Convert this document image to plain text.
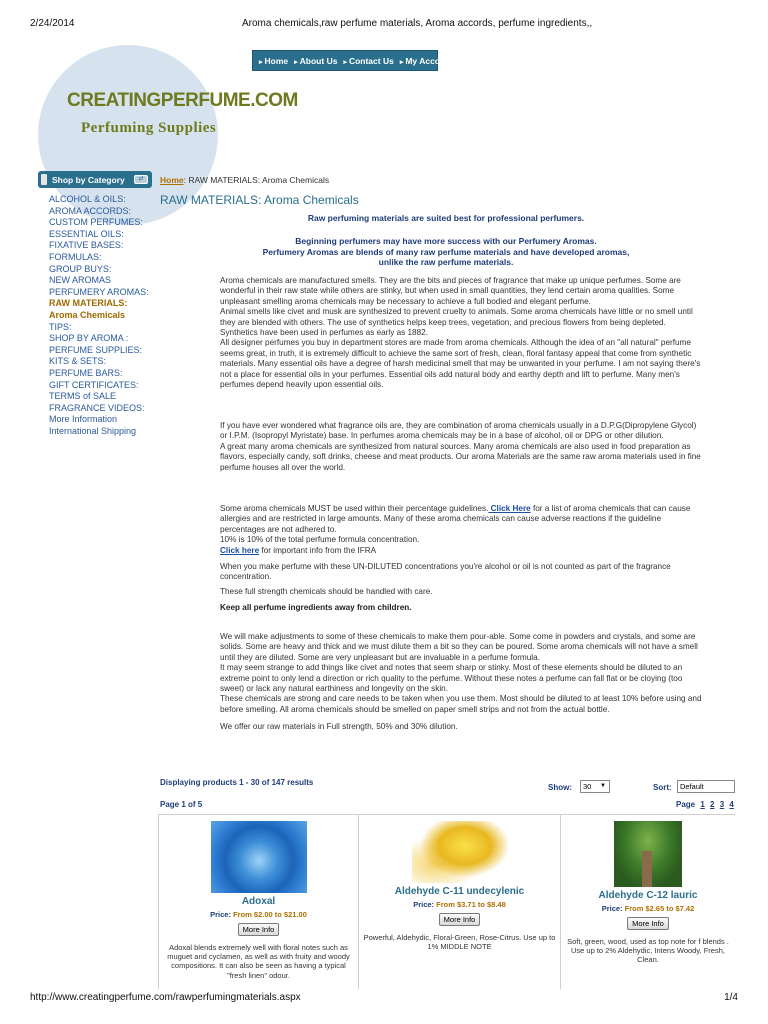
2/24/2014	Aroma chemicals,raw perfume materials, Aroma accords, perfume ingredients,,
CREATINGPERFUME.COM
Perfuming Supplies
▸ Home	▸ About Us	▸ Contact Us	▸ My Account
Shop by Category	⇄
ALCOHOL & OILS:
AROMA ACCORDS:
CUSTOM PERFUMES:
ESSENTIAL OILS:
FIXATIVE BASES:
FORMULAS:
GROUP BUYS:
NEW AROMAS
PERFUMERY AROMAS:
RAW MATERIALS:
Aroma Chemicals
TIPS:
SHOP BY AROMA :
PERFUME SUPPLIES:
KITS & SETS:
PERFUME BARS:
GIFT CERTIFICATES:
TERMS of SALE
FRAGRANCE VIDEOS:
More Information
International Shipping
Home: RAW MATERIALS: Aroma Chemicals
RAW MATERIALS: Aroma Chemicals
Raw perfuming materials are suited best for professional perfumers.
Beginning perfumers may have more success with our Perfumery Aromas.
Perfumery Aromas are blends of many raw perfume materials and have developed aromas,
unlike the raw perfume materials.

Aroma chemicals are manufactured smells. They are the bits and pieces of fragrance that make up unique perfumes. Some are wonderful in their raw state while others are stinky, but when used in small quantities, they lend certain aroma qualities. Some unpleasant smelling aroma chemicals may be necessary to achieve a full bodied and elegant perfume.

Animal smells like civet and musk are synthesized to prevent cruelty to animals. Some aroma chemicals have little or no smell until they are blended with others. The use of synthetics helps keep trees, vegetation, and precious flowers from being depleted. Synthetics have been used in perfumes as early as 1882.

All designer perfumes you buy in department stores are made from aroma chemicals. Although the idea of an "all natural" perfume seems great, in truth, it is extremely difficult to achieve the same sort of fresh, clean, floral fantasy appeal that come from synthetic materials. Many essential oils have a degree of harsh medicinal smell that may be unwanted in your perfume. I am not saying there's not a place for essential oils in your perfumes. Essential oils add natural body and earthy depth and lift to perfume. Many men's perfumes depend heavily upon essential oils.

If you have ever wondered what fragrance oils are, they are combination of aroma chemicals usually in a D.P.G(Dipropylene Glycol) or I.P.M. (Isopropyl Myristate) base. In perfumes aroma chemicals may be in a base of alcohol, oil or DPG or other dilution.

A great many aroma chemicals are synthesized from natural sources. Many aroma chemicals are also used in food preparation as flavors, especially candy, soft drinks, cheese and meat products. Our aroma Materials are the same raw aroma materials used in fine perfume houses all over the world.

Some aroma chemicals MUST be used within their percentage guidelines. Click Here for a list of aroma chemicals that can cause allergies and are restricted in large amounts. Many of these aroma chemicals can cause adverse reactions if the guideline percentages are not adhered to.

10% is 10% of the total perfume formula concentration.

Click here for important info from the IFRA

When you make perfume with these UN-DILUTED concentrations you're alcohol or oil is not counted as part of the fragrance concentration.

These full strength chemicals should be handled with care.

Keep all perfume ingredients away from children.

We will make adjustments to some of these chemicals to make them pour-able. Some come in powders and crystals, and some are solids. Some are heavy and thick and we must dilute them a bit so they can be poured. Some aroma chemicals will not have a smell until they are diluted. Some are very unpleasant but are invaluable in a perfume formula.

It may seem strange to add things like civet and notes that seem sharp or stinky. Most of these elements should be diluted to an extreme point to only lend a direction or rich quality to the perfume. Without these notes a perfume can fall flat or be cloying (too sweet) or lack any natural earthiness and longevity on the skin.

These chemicals are strong and care needs to be taken when you use them. Most should be diluted to at least 10% before using and before smelling. All aroma chemicals should be smelled on paper smell strips and not from the actual bottle.

We offer our raw materials in Full strength, 50% and 30% dilution.

Displaying products 1 - 30 of 147 results
Show:	30 ▼	Sort:	Default
Page 1 of 5	Page 1 2 3 4
Adoxal
Price: From $2.00 to $21.00
More Info
Adoxal blends extremely well with floral notes such as muguet and cyclamen, as well as with fruity and woody compositions. It can also be seen as having a typical "fresh linen" odour.
Aldehyde C-11 undecylenic
Price: From $3.71 to $8.48
More Info
Powerful, Aldehydic, Floral-Green, Rose-Citrus. Use up to 1% MIDDLE NOTE
Aldehyde C-12 lauric
Price: From $2.65 to $7.42
More Info
Soft, green, wood, used as top note for f blends . Use up to 2% Aldehydic, Intens Woody, Fresh, Clean.
http://www.creatingperfume.com/rawperfumingmaterials.aspx	1/4
